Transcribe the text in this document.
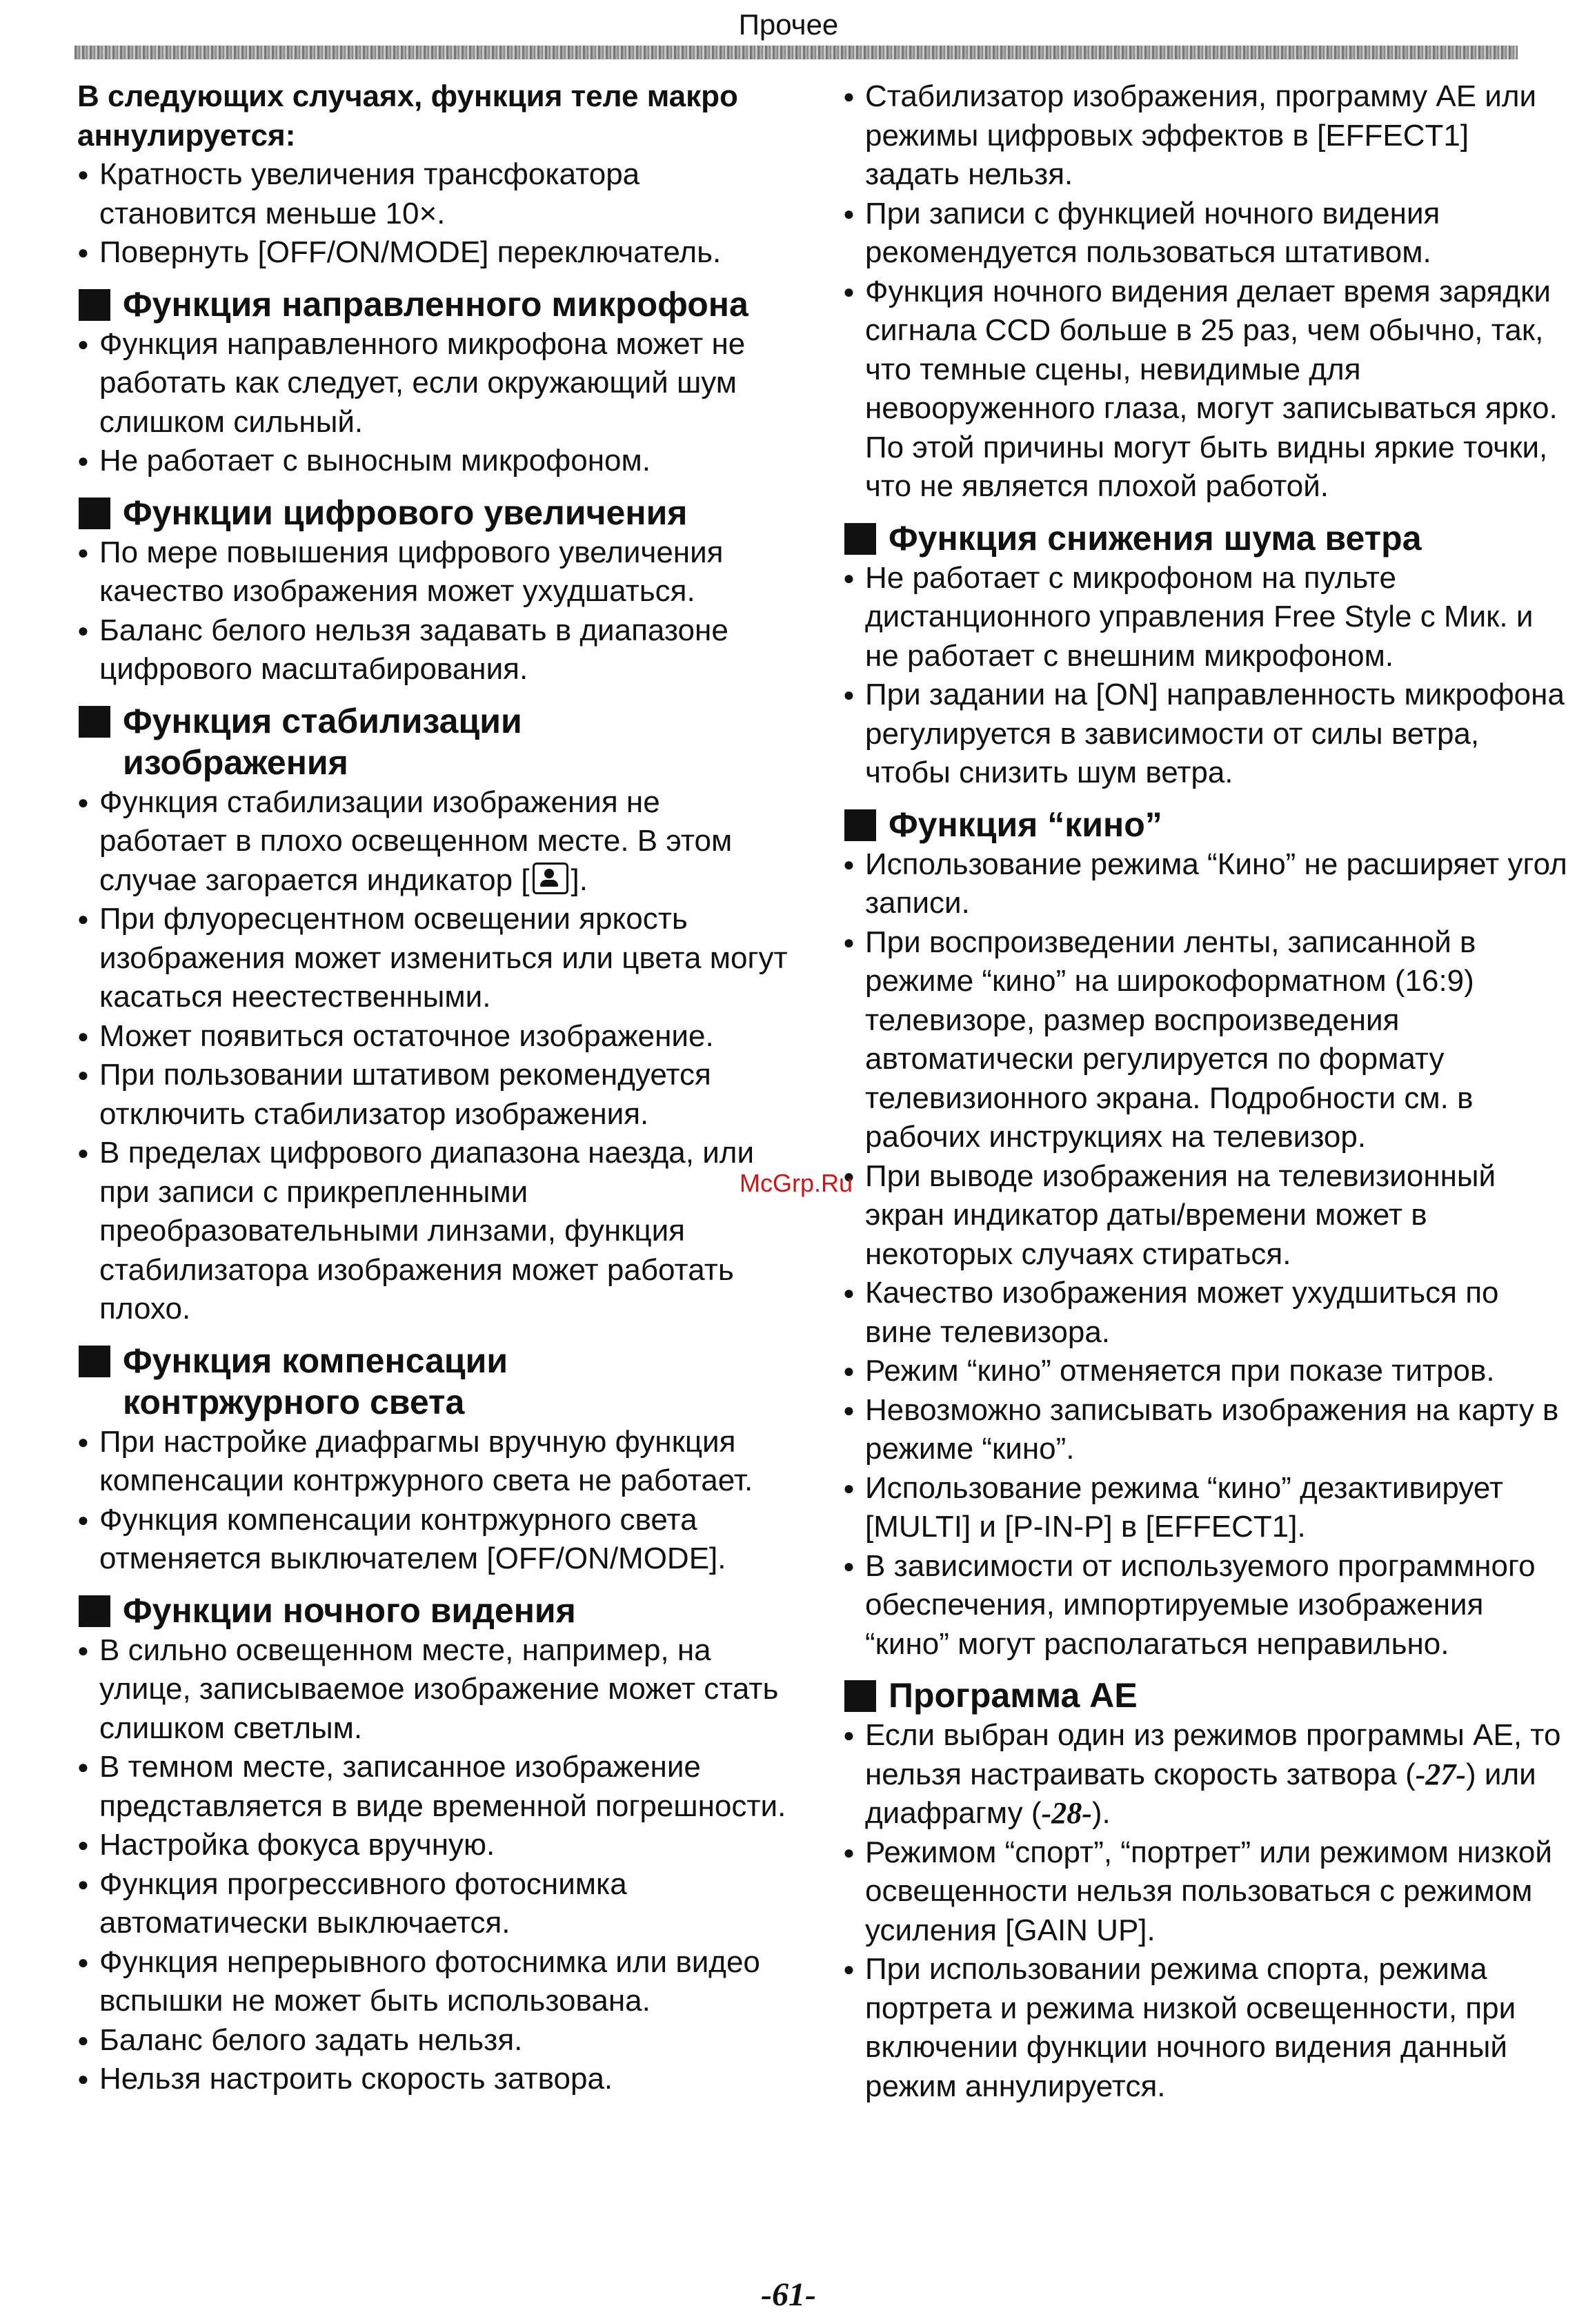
Прочее
В следующих случаях, функция теле макро аннулируется:
● Кратность увеличения трансфокатора становится меньше 10×.
● Повернуть [OFF/ON/MODE] переключатель.
Функция направленного микрофона
● Функция направленного микрофона может не работать как следует, если окружающий шум слишком сильный.
● Не работает с выносным микрофоном.
Функции цифрового увеличения
● По мере повышения цифрового увеличения качество изображения может ухудшаться.
● Баланс белого нельзя задавать в диапазоне цифрового масштабирования.
Функция стабилизации
изображения
● Функция стабилизации изображения не работает в плохо освещенном месте. В этом случае загорается индикатор [ ].
● При флуоресцентном освещении яркость изображения может измениться или цвета могут касаться неестественными.
● Может появиться остаточное изображение.
● При пользовании штативом рекомендуется отключить стабилизатор изображения.
● В пределах цифрового диапазона наезда, или при записи с прикрепленными преобразовательными линзами, функция стабилизатора изображения может работать плохо.
Функция компенсации
контржурного света
● При настройке диафрагмы вручную функция компенсации контржурного света не работает.
● Функция компенсации контржурного света отменяется выключателем [OFF/ON/MODE].
Функции ночного видения
● В сильно освещенном месте, например, на улице, записываемое изображение может стать слишком светлым.
● В темном месте, записанное изображение представляется в виде временной погрешности.
● Настройка фокуса вручную.
● Функция прогрессивного фотоснимка автоматически выключается.
● Функция непрерывного фотоснимка или видео вспышки не может быть использована.
● Баланс белого задать нельзя.
● Нельзя настроить скорость затвора.
● Стабилизатор изображения, программу AE или режимы цифровых эффектов в [EFFECT1] задать нельзя.
● При записи с функцией ночного видения рекомендуется пользоваться штативом.
● Функция ночного видения делает время зарядки сигнала CCD больше в 25 раз, чем обычно, так, что темные сцены, невидимые для невооруженного глаза, могут записываться ярко. По этой причины могут быть видны яркие точки, что не является плохой работой.
Функция снижения шума ветра
● Не работает с микрофоном на пульте дистанционного управления Free Style с Мик. и не работает с внешним микрофоном.
● При задании на [ON] направленность микрофона регулируется в зависимости от силы ветра, чтобы снизить шум ветра.
Функция “кино”
● Использование режима “Кино” не расширяет угол записи.
● При воспроизведении ленты, записанной в режиме “кино” на широкоформатном (16:9) телевизоре, размер воспроизведения автоматически регулируется по формату телевизионного экрана. Подробности см. в рабочих инструкциях на телевизор.
● При выводе изображения на телевизионный экран индикатор даты/времени может в некоторых случаях стираться.
● Качество изображения может ухудшиться по вине телевизора.
● Режим “кино” отменяется при показе титров.
● Невозможно записывать изображения на карту в режиме “кино”.
● Использование режима “кино” дезактивирует [MULTI] и [P-IN-P] в [EFFECT1].
● В зависимости от используемого программного обеспечения, импортируемые изображения “кино” могут располагаться неправильно.
Программа AE
● Если выбран один из режимов программы AE, то нельзя настраивать скорость затвора (-27-) или диафрагму (-28-).
● Режимом “спорт”, “портрет” или режимом низкой освещенности нельзя пользоваться с режимом усиления [GAIN UP].
● При использовании режима спорта, режима портрета и режима низкой освещенности, при включении функции ночного видения данный режим аннулируется.
McGrp.Ru
-61-
